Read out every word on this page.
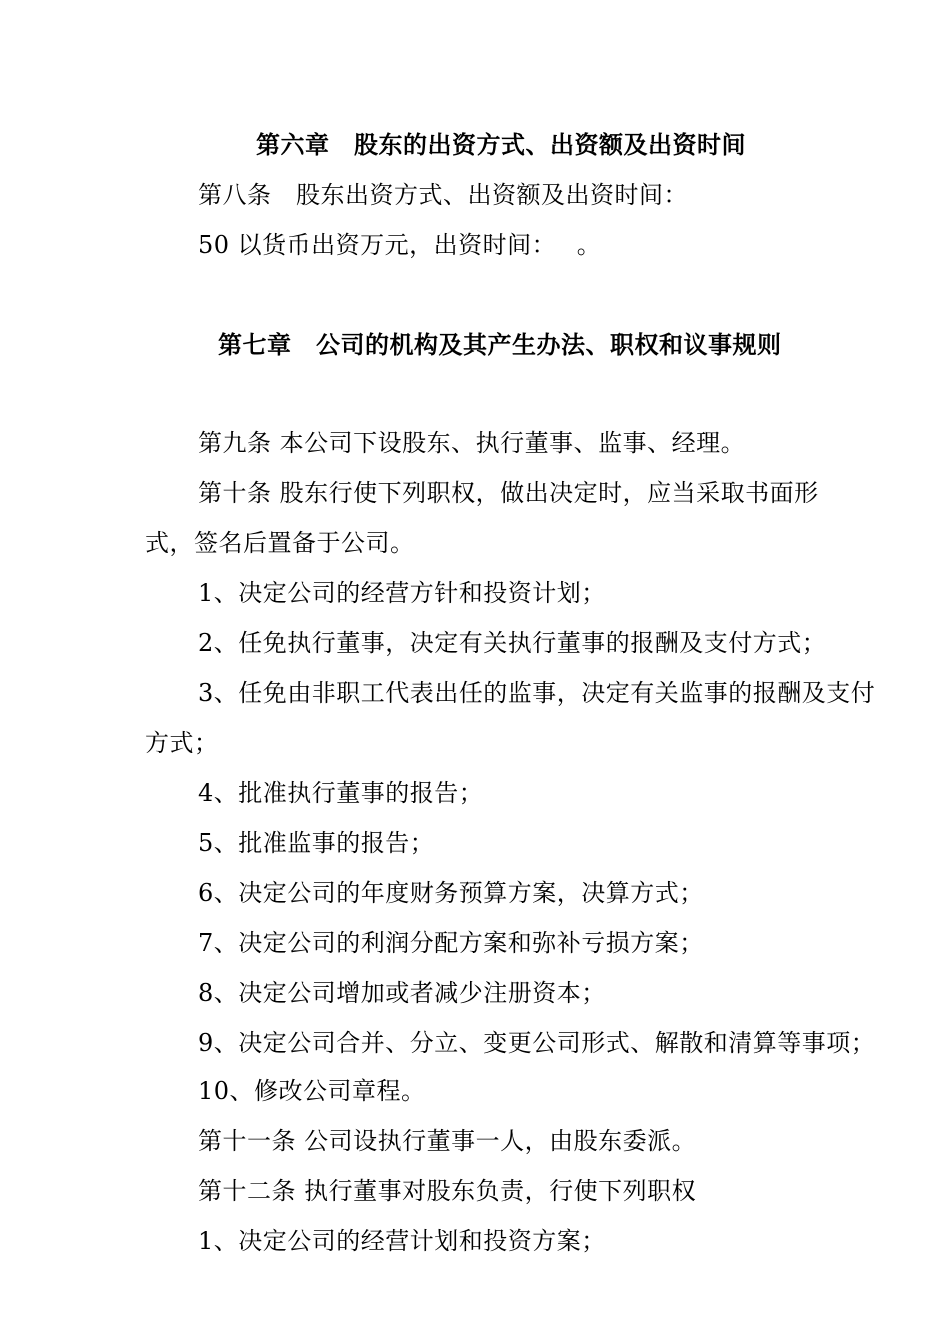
第六章　股东的出资方式、出资额及出资时间
第八条　股东出资方式、出资额及出资时间：
50 以货币出资万元，出资时间：　 。
第七章　公司的机构及其产生办法、职权和议事规则
第九条 本公司下设股东、执行董事、监事、经理。
第十条 股东行使下列职权，做出决定时，应当采取书面形
式，签名后置备于公司。
1、决定公司的经营方针和投资计划；
2、任免执行董事，决定有关执行董事的报酬及支付方式；
3、任免由非职工代表出任的监事，决定有关监事的报酬及支付
方式；
4、批准执行董事的报告；
5、批准监事的报告；
6、决定公司的年度财务预算方案，决算方式；
7、决定公司的利润分配方案和弥补亏损方案；
8、决定公司增加或者减少注册资本；
9、决定公司合并、分立、变更公司形式、解散和清算等事项；
10、修改公司章程。
第十一条 公司设执行董事一人，由股东委派。
第十二条 执行董事对股东负责，行使下列职权
1、决定公司的经营计划和投资方案；
